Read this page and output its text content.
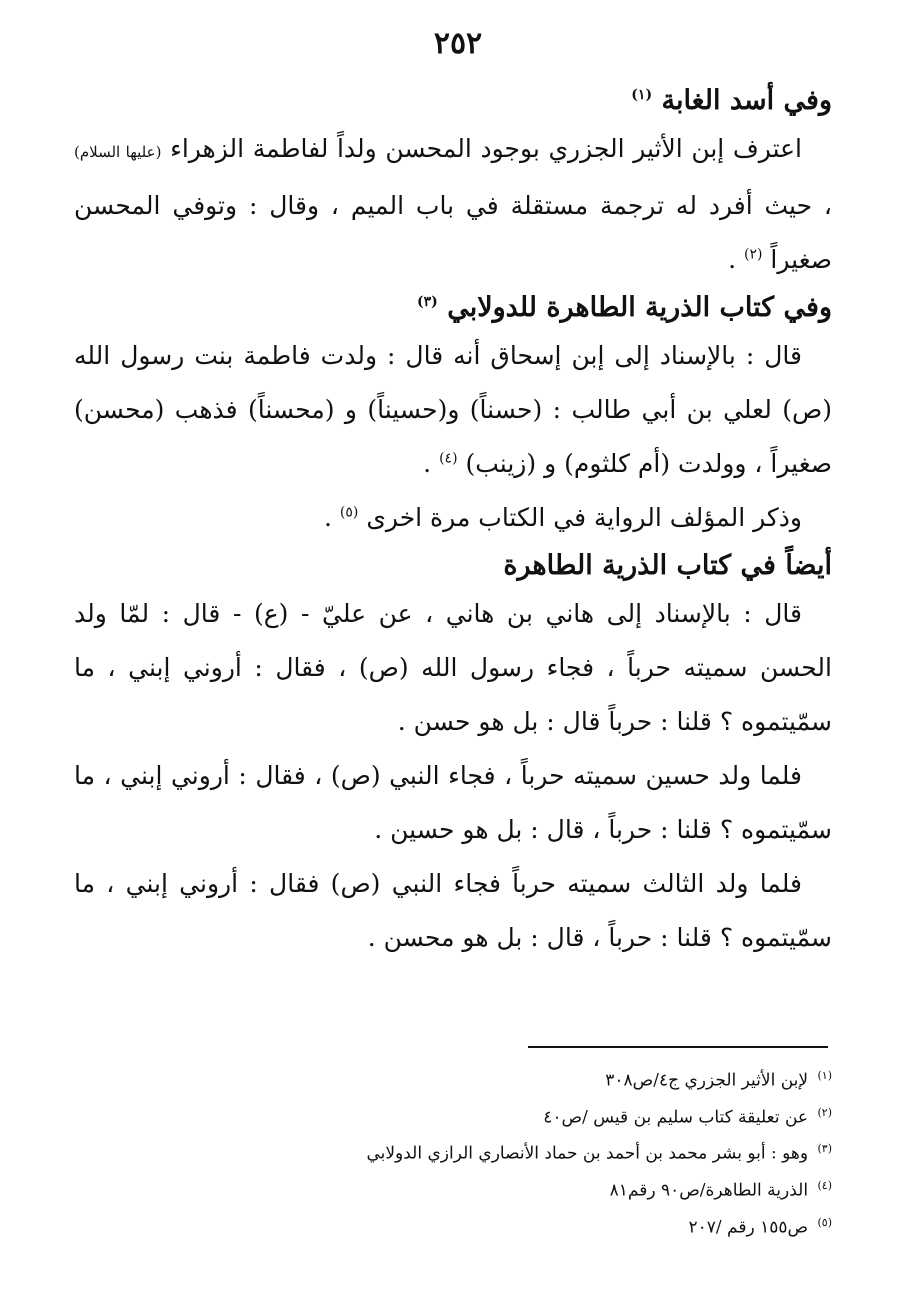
٢٥٢

وفي أسد الغابة $^{(١)}$

اعترف إبن الأثير الجزري بوجود المحسن ولداً لفاطمة الزهراء (عليها السلام) ، حيث أفرد له ترجمة مستقلة في باب الميم ، وقال : وتوفي المحسن صغيراً $^{(٢)}$ .

وفي كتاب الذرية الطاهرة للدولابي $^{(٣)}$

قال : بالإسناد إلى إبن إسحاق أنه قال : ولدت فاطمة بنت رسول الله (ص) لعلي بن أبي طالب : (حسناً) و(حسيناً) و (محسناً) فذهب (محسن) صغيراً ، وولدت (أم كلثوم) و (زينب) $^{(٤)}$ .

وذكر المؤلف الرواية في الكتاب مرة اخرى $^{(٥)}$ .

أيضاً في كتاب الذرية الطاهرة

قال : بالإسناد إلى هاني بن هاني ، عن عليّ - (ع) - قال : لمّا ولد الحسن سميته حرباً ، فجاء رسول الله (ص) ، فقال : أروني إبني ، ما سمّيتموه ؟ قلنا : حرباً قال : بل هو حسن .

فلما ولد حسين سميته حرباً ، فجاء النبي (ص) ، فقال : أروني إبني ، ما سمّيتموه ؟ قلنا : حرباً ، قال : بل هو حسين .

فلما ولد الثالث سميته حرباً فجاء النبي (ص) فقال : أروني إبني ، ما سمّيتموه ؟ قلنا : حرباً ، قال : بل هو محسن .

$^{(١)}$ لإبن الأثير الجزري ج٤/ص٣٠٨

$^{(٢)}$ عن تعليقة كتاب سليم بن قيس /ص٤٠

$^{(٣)}$ وهو : أبو بشر محمد بن أحمد بن حماد الأنصاري الرازي الدولابي

$^{(٤)}$ الذرية الطاهرة/ص٩٠ رقم٨١

$^{(٥)}$ ص١٥٥ رقم /٢٠٧
